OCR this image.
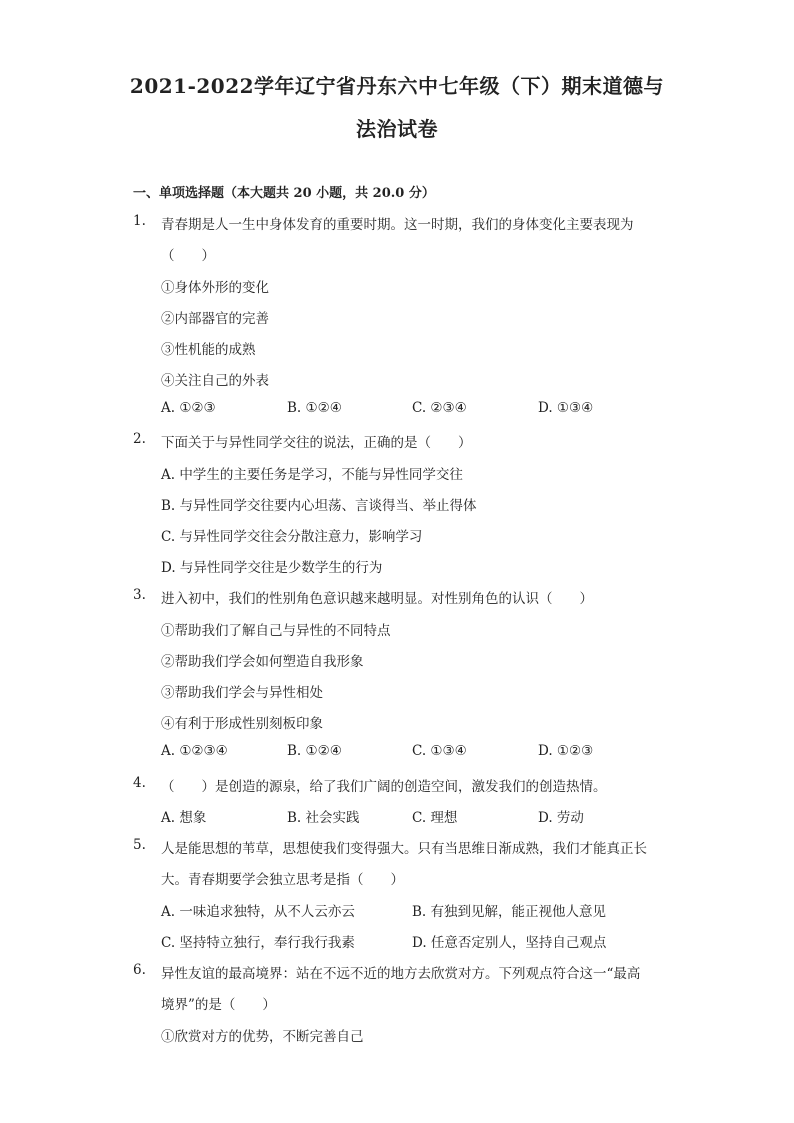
2021-2022学年辽宁省丹东六中七年级（下）期末道德与
法治试卷
一、单项选择题（本大题共 20 小题，共 20.0 分）
1. 青春期是人一生中身体发育的重要时期。这一时期，我们的身体变化主要表现为
（　　）
①身体外形的变化
②内部器官的完善
③性机能的成熟
④关注自己的外表
A. ①②③	B. ①②④	C. ②③④	D. ①③④
2. 下面关于与异性同学交往的说法，正确的是（　　）
A. 中学生的主要任务是学习，不能与异性同学交往
B. 与异性同学交往要内心坦荡、言谈得当、举止得体
C. 与异性同学交往会分散注意力，影响学习
D. 与异性同学交往是少数学生的行为
3. 进入初中，我们的性别角色意识越来越明显。对性别角色的认识（　　）
①帮助我们了解自己与异性的不同特点
②帮助我们学会如何塑造自我形象
③帮助我们学会与异性相处
④有利于形成性别刻板印象
A. ①②③④	B. ①②④	C. ①③④	D. ①②③
4. （　　）是创造的源泉，给了我们广阔的创造空间，激发我们的创造热情。
A. 想象	B. 社会实践	C. 理想	D. 劳动
5. 人是能思想的苇草，思想使我们变得强大。只有当思维日渐成熟，我们才能真正长
大。青春期要学会独立思考是指（　　）
A. 一味追求独特，从不人云亦云	B. 有独到见解，能正视他人意见
C. 坚持特立独行，奉行我行我素	D. 任意否定别人，坚持自己观点
6. 异性友谊的最高境界：站在不远不近的地方去欣赏对方。下列观点符合这一“最高
境界”的是（　　）
①欣赏对方的优势，不断完善自己
